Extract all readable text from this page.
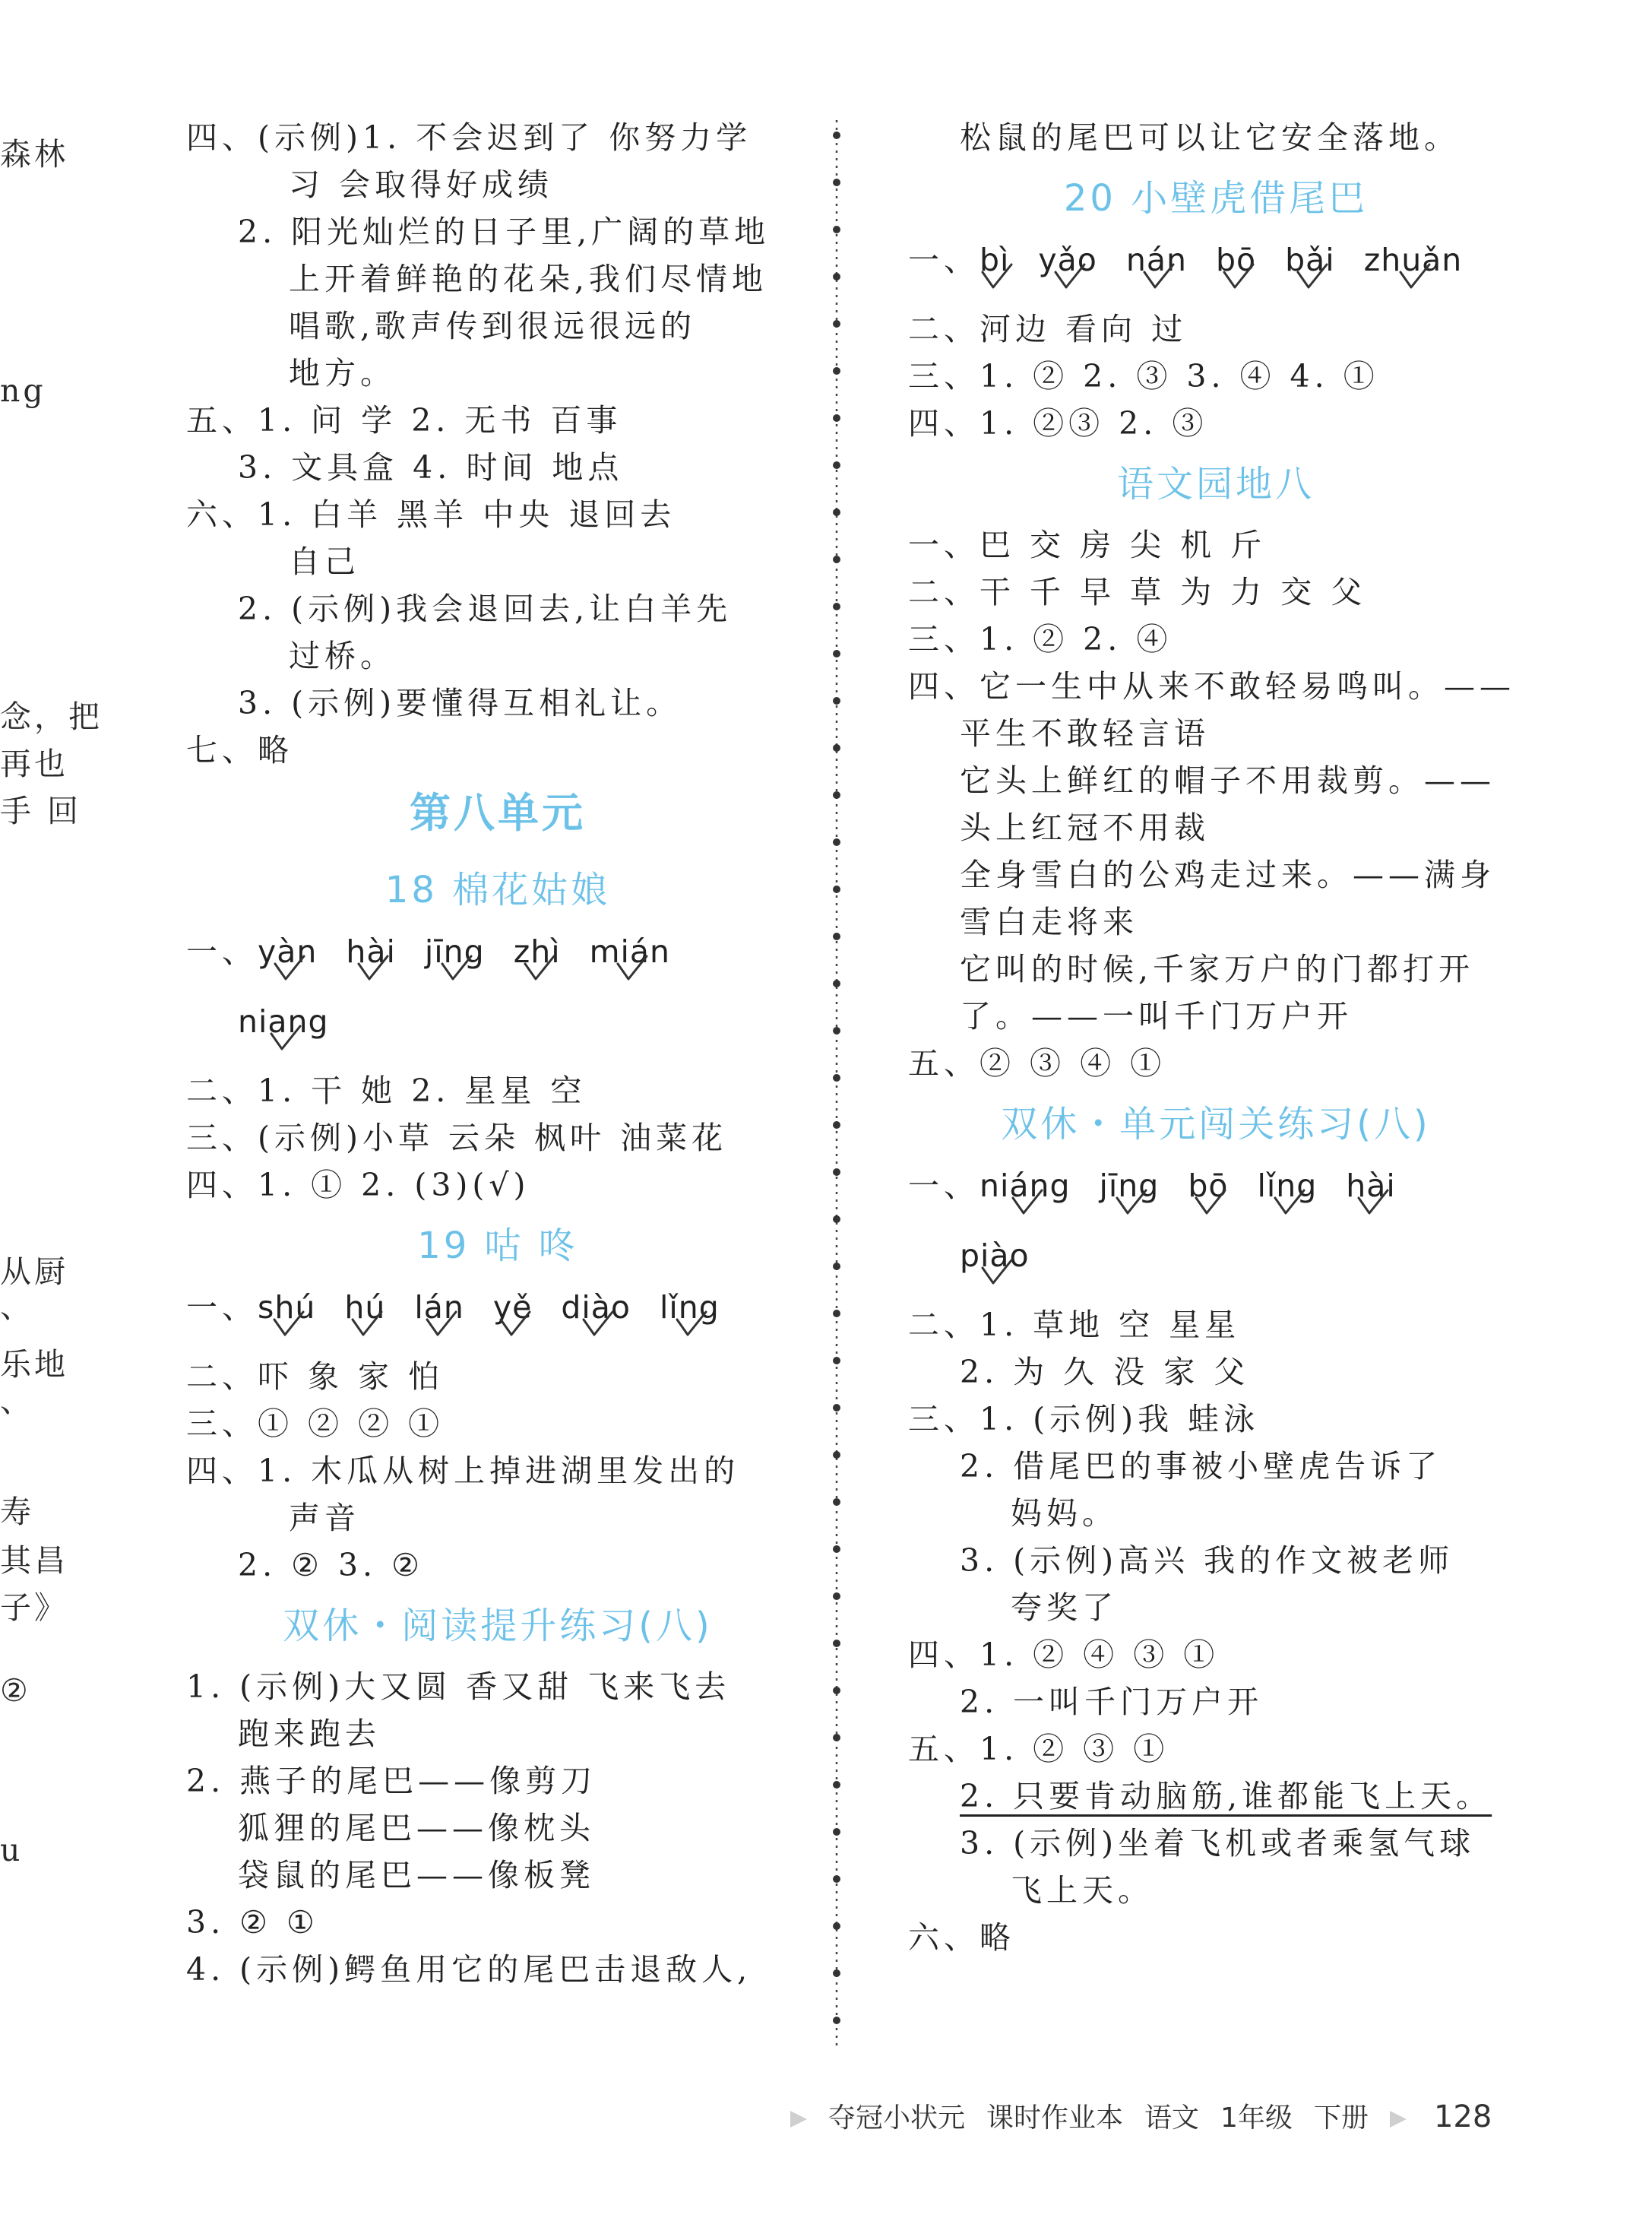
森林
ng
念，把
再也
手 回
从厨
、
乐地
、
寿
其昌
子》
②
u
四、(示例)1. 不会迟到了 你努力学
习 会取得好成绩
2. 阳光灿烂的日子里,广阔的草地
上开着鲜艳的花朵,我们尽情地
唱歌,歌声传到很远很远的
地方。
五、1. 问 学 2. 无书 百事
3. 文具盒 4. 时间 地点
六、1. 白羊 黑羊 中央 退回去
自己
2. (示例)我会退回去,让白羊先
过桥。
3. (示例)要懂得互相礼让。
七、略
第八单元
18 棉花姑娘
一、yàn hài jīng zhì mián
niang
二、1. 干 她 2. 星星 空
三、(示例)小草 云朵 枫叶 油菜花
四、1. ① 2. (3)(√)
19 咕 咚
一、shú hú lán yě diào lǐng
二、吓 象 家 怕
三、① ② ② ①
四、1. 木瓜从树上掉进湖里发出的
声音
2. ② 3. ②
双休・阅读提升练习(八)
1. (示例)大又圆 香又甜 飞来飞去
跑来跑去
2. 燕子的尾巴——像剪刀
狐狸的尾巴——像枕头
袋鼠的尾巴——像板凳
3. ② ①
4. (示例)鳄鱼用它的尾巴击退敌人,
松鼠的尾巴可以让它安全落地。
20 小壁虎借尾巴
一、bì yǎo nán bō bǎi zhuǎn
二、河边 看向 过
三、1. ② 2. ③ 3. ④ 4. ①
四、1. ②③ 2. ③
语文园地八
一、巴 交 房 尖 机 斤
二、干 千 早 草 为 力 交 父
三、1. ② 2. ④
四、它一生中从来不敢轻易鸣叫。——
平生不敢轻言语
它头上鲜红的帽子不用裁剪。——
头上红冠不用裁
全身雪白的公鸡走过来。——满身
雪白走将来
它叫的时候,千家万户的门都打开
了。——一叫千门万户开
五、② ③ ④ ①
双休・单元闯关练习(八)
一、niáng jīng bō lǐng hài
piào
二、1. 草地 空 星星
2. 为 久 没 家 父
三、1. (示例)我 蛙泳
2. 借尾巴的事被小壁虎告诉了
妈妈。
3. (示例)高兴 我的作文被老师
夸奖了
四、1. ② ④ ③ ①
2. 一叫千门万户开
五、1. ② ③ ①
2. 只要肯动脑筋,谁都能飞上天。
3. (示例)坐着飞机或者乘氢气球
飞上天。
六、略
夺冠小状元 课时作业本 语文 1年级 下册 128
